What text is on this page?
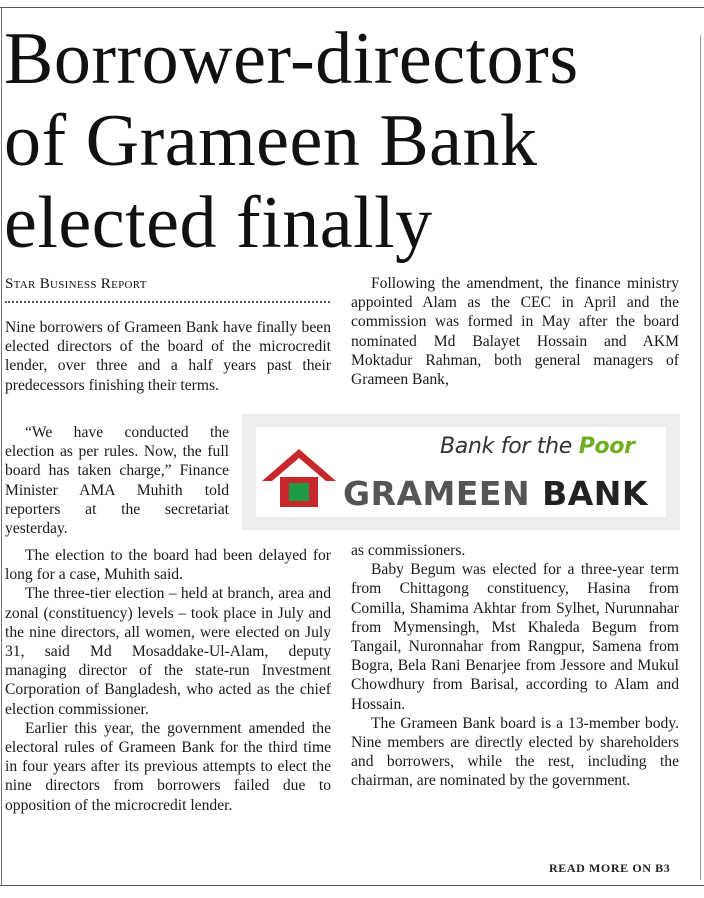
Borrower-directors
of Grameen Bank
elected finally
Star Business Report

Nine borrowers of Grameen Bank have finally been elected directors of the board of the microcredit lender, over three and a half years past their predecessors finishing their terms.

“We have conducted the election as per rules. Now, the full board has taken charge,” Finance Minister AMA Muhith told reporters at the secretariat yesterday.

The election to the board had been delayed for long for a case, Muhith said.

The three-tier election – held at branch, area and zonal (constituency) levels – took place in July and the nine directors, all women, were elected on July 31, said Md Mosaddake-Ul-Alam, deputy managing director of the state-run Investment Corporation of Bangladesh, who acted as the chief election commissioner.

Earlier this year, the government amended the electoral rules of Grameen Bank for the third time in four years after its previous attempts to elect the nine directors from borrowers failed due to opposition of the microcredit lender.

Following the amendment, the finance ministry appointed Alam as the CEC in April and the commission was formed in May after the board nominated Md Balayet Hossain and AKM Moktadur Rahman, both general managers of Grameen Bank,

Bank for the Poor
GRAMEEN BANK

as commissioners.

Baby Begum was elected for a three-year term from Chittagong constituency, Hasina from Comilla, Shamima Akhtar from Sylhet, Nurunnahar from Mymensingh, Mst Khaleda Begum from Tangail, Nuronnahar from Rangpur, Samena from Bogra, Bela Rani Benarjee from Jessore and Mukul Chowdhury from Barisal, according to Alam and Hossain.

The Grameen Bank board is a 13-member body. Nine members are directly elected by shareholders and borrowers, while the rest, including the chairman, are nominated by the government.

READ MORE ON B3
